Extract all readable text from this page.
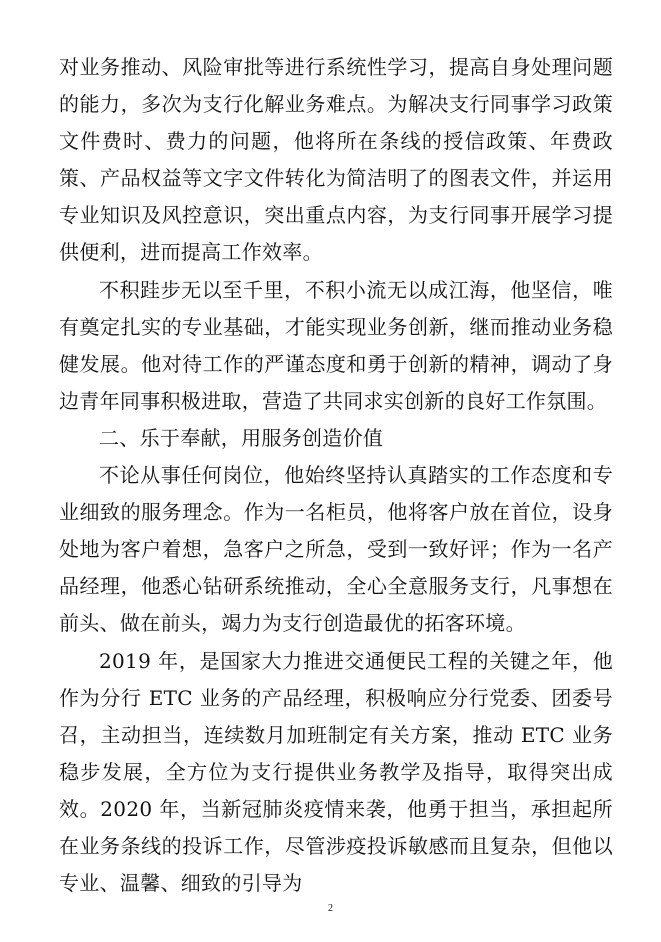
对业务推动、风险审批等进行系统性学习，提高自身处理问题的能力，多次为支行化解业务难点。为解决支行同事学习政策文件费时、费力的问题，他将所在条线的授信政策、年费政策、产品权益等文字文件转化为简洁明了的图表文件，并运用专业知识及风控意识，突出重点内容，为支行同事开展学习提供便利，进而提高工作效率。

不积跬步无以至千里，不积小流无以成江海，他坚信，唯有奠定扎实的专业基础，才能实现业务创新，继而推动业务稳健发展。他对待工作的严谨态度和勇于创新的精神，调动了身边青年同事积极进取，营造了共同求实创新的良好工作氛围。

二、乐于奉献，用服务创造价值

不论从事任何岗位，他始终坚持认真踏实的工作态度和专业细致的服务理念。作为一名柜员，他将客户放在首位，设身处地为客户着想，急客户之所急，受到一致好评；作为一名产品经理，他悉心钻研系统推动，全心全意服务支行，凡事想在前头、做在前头，竭力为支行创造最优的拓客环境。

2019 年，是国家大力推进交通便民工程的关键之年，他作为分行 ETC 业务的产品经理，积极响应分行党委、团委号召，主动担当，连续数月加班制定有关方案，推动 ETC 业务稳步发展，全方位为支行提供业务教学及指导，取得突出成效。2020 年，当新冠肺炎疫情来袭，他勇于担当，承担起所在业务条线的投诉工作，尽管涉疫投诉敏感而且复杂，但他以专业、温馨、细致的引导为

2
